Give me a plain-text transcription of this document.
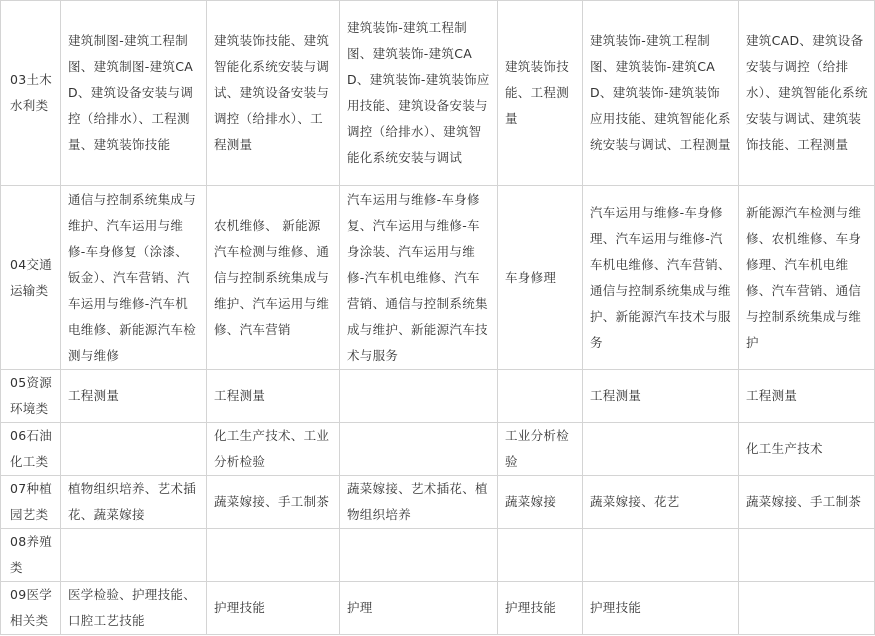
03土木水利类	建筑制图-建筑工程制图、建筑制图-建筑CAD、建筑设备安装与调控（给排水）、工程测量、建筑装饰技能	建筑装饰技能、建筑智能化系统安装与调试、建筑设备安装与调控（给排水）、工程测量	建筑装饰-建筑工程制图、建筑装饰-建筑CAD、建筑装饰-建筑装饰应用技能、建筑设备安装与调控（给排水）、建筑智能化系统安装与调试	建筑装饰技能、工程测量	建筑装饰-建筑工程制图、建筑装饰-建筑CAD、建筑装饰-建筑装饰应用技能、建筑智能化系统安装与调试、工程测量	建筑CAD、建筑设备安装与调控（给排水）、建筑智能化系统安装与调试、建筑装饰技能、工程测量
04交通运输类	通信与控制系统集成与维护、汽车运用与维修-车身修复（涂漆、钣金）、汽车营销、汽车运用与维修-汽车机电维修、新能源汽车检测与维修	农机维修、 新能源汽车检测与维修、通信与控制系统集成与维护、汽车运用与维修、汽车营销	汽车运用与维修-车身修复、汽车运用与维修-车身涂装、汽车运用与维修-汽车机电维修、汽车营销、通信与控制系统集成与维护、新能源汽车技术与服务	车身修理	汽车运用与维修-车身修理、汽车运用与维修-汽车机电维修、汽车营销、通信与控制系统集成与维护、新能源汽车技术与服务	新能源汽车检测与维修、农机维修、车身修理、汽车机电维修、汽车营销、通信与控制系统集成与维护
05资源环境类	工程测量	工程测量			工程测量	工程测量
06石油化工类		化工生产技术、工业分析检验		工业分析检验		化工生产技术
07种植园艺类	植物组织培养、艺术插花、蔬菜嫁接	蔬菜嫁接、手工制茶	蔬菜嫁接、艺术插花、植物组织培养	蔬菜嫁接	蔬菜嫁接、花艺	蔬菜嫁接、手工制茶
08养殖类						
09医学相关类	医学检验、护理技能、口腔工艺技能	护理技能	护理	护理技能	护理技能	
